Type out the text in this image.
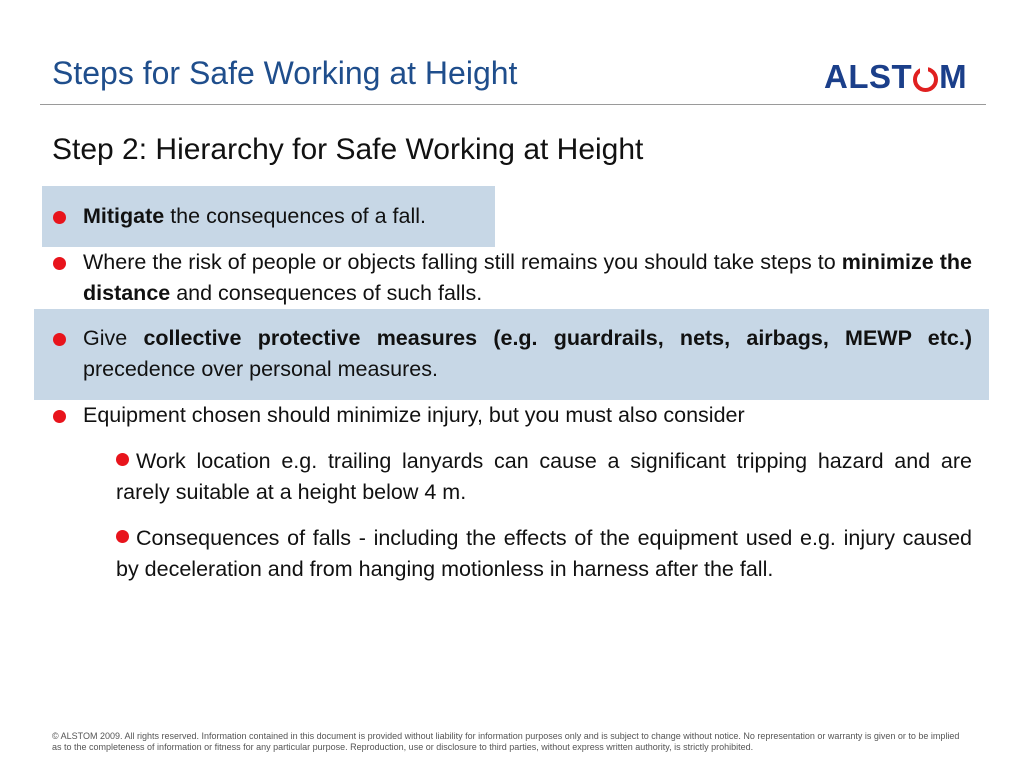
Steps for Safe Working at Height	ALST M
Step 2: Hierarchy for Safe Working at Height
Mitigate the consequences of a fall.
Where the risk of people or objects falling still remains you should take steps to minimize the distance and consequences of such falls.
Give collective protective measures (e.g. guardrails, nets, airbags, MEWP etc.) precedence over personal measures.
Equipment chosen should minimize injury, but you must also consider
Work location e.g. trailing lanyards can cause a significant tripping hazard and are rarely suitable at a height below 4 m.
Consequences of falls - including the effects of the equipment used e.g. injury caused by deceleration and from hanging motionless in harness after the fall.
© ALSTOM 2009. All rights reserved. Information contained in this document is provided without liability for information purposes only and is subject to change without notice. No representation or warranty is given or to be implied as to the completeness of information or fitness for any particular purpose. Reproduction, use or disclosure to third parties, without express written authority, is strictly prohibited.
